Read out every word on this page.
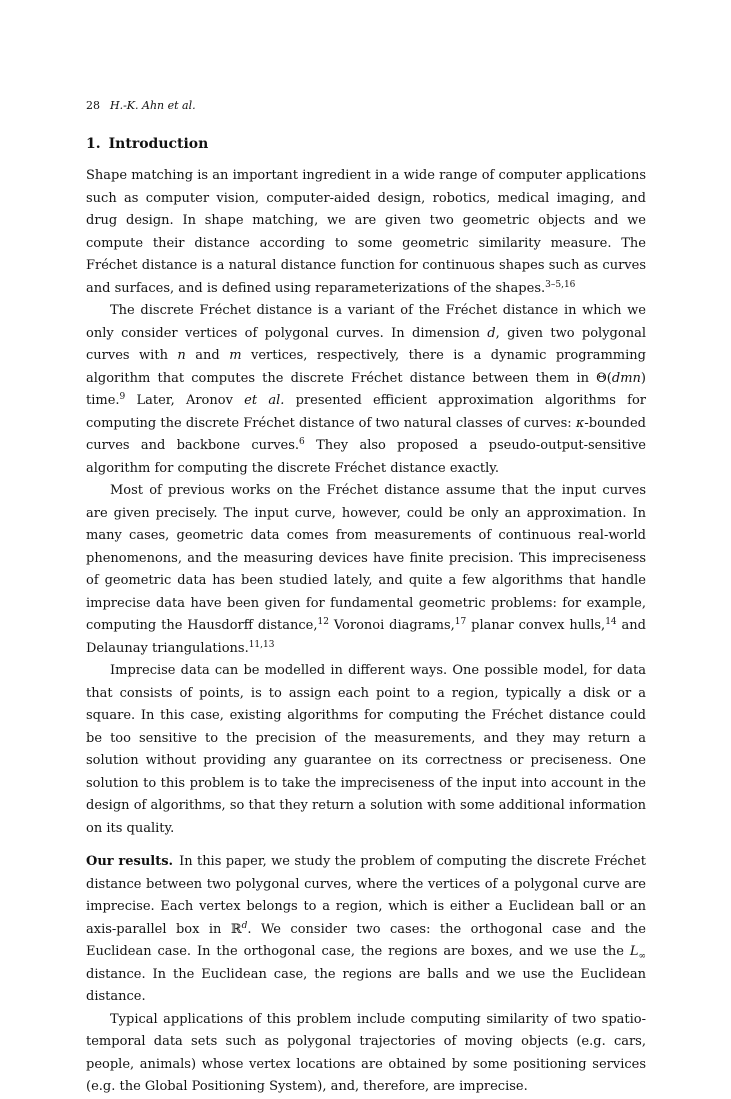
28 H.-K. Ahn et al.
1. Introduction

Shape matching is an important ingredient in a wide range of computer applications such as computer vision, computer-aided design, robotics, medical imaging, and drug design. In shape matching, we are given two geometric objects and we compute their distance according to some geometric similarity measure. The Fréchet distance is a natural distance function for continuous shapes such as curves and surfaces, and is defined using reparameterizations of the shapes.$^{3-5,16}$

The discrete Fréchet distance is a variant of the Fréchet distance in which we only consider vertices of polygonal curves. In dimension d, given two polygonal curves with n and m vertices, respectively, there is a dynamic programming algorithm that computes the discrete Fréchet distance between them in Θ(dmn) time.$^9$ Later, Aronov et al. presented efficient approximation algorithms for computing the discrete Fréchet distance of two natural classes of curves: κ-bounded curves and backbone curves.$^6$ They also proposed a pseudo-output-sensitive algorithm for computing the discrete Fréchet distance exactly.

Most of previous works on the Fréchet distance assume that the input curves are given precisely. The input curve, however, could be only an approximation. In many cases, geometric data comes from measurements of continuous real-world phenomenons, and the measuring devices have finite precision. This impreciseness of geometric data has been studied lately, and quite a few algorithms that handle imprecise data have been given for fundamental geometric problems: for example, computing the Hausdorff distance,$^{12}$ Voronoi diagrams,$^{17}$ planar convex hulls,$^{14}$ and Delaunay triangulations.$^{11,13}$

Imprecise data can be modelled in different ways. One possible model, for data that consists of points, is to assign each point to a region, typically a disk or a square. In this case, existing algorithms for computing the Fréchet distance could be too sensitive to the precision of the measurements, and they may return a solution without providing any guarantee on its correctness or preciseness. One solution to this problem is to take the impreciseness of the input into account in the design of algorithms, so that they return a solution with some additional information on its quality.

Our results. In this paper, we study the problem of computing the discrete Fréchet distance between two polygonal curves, where the vertices of a polygonal curve are imprecise. Each vertex belongs to a region, which is either a Euclidean ball or an axis-parallel box in ℝ$^d$. We consider two cases: the orthogonal case and the Euclidean case. In the orthogonal case, the regions are boxes, and we use the $L_\infty$ distance. In the Euclidean case, the regions are balls and we use the Euclidean distance.

Typical applications of this problem include computing similarity of two spatio-temporal data sets such as polygonal trajectories of moving objects (e.g. cars, people, animals) whose vertex locations are obtained by some positioning services (e.g. the Global Positioning System), and, therefore, are imprecise.
